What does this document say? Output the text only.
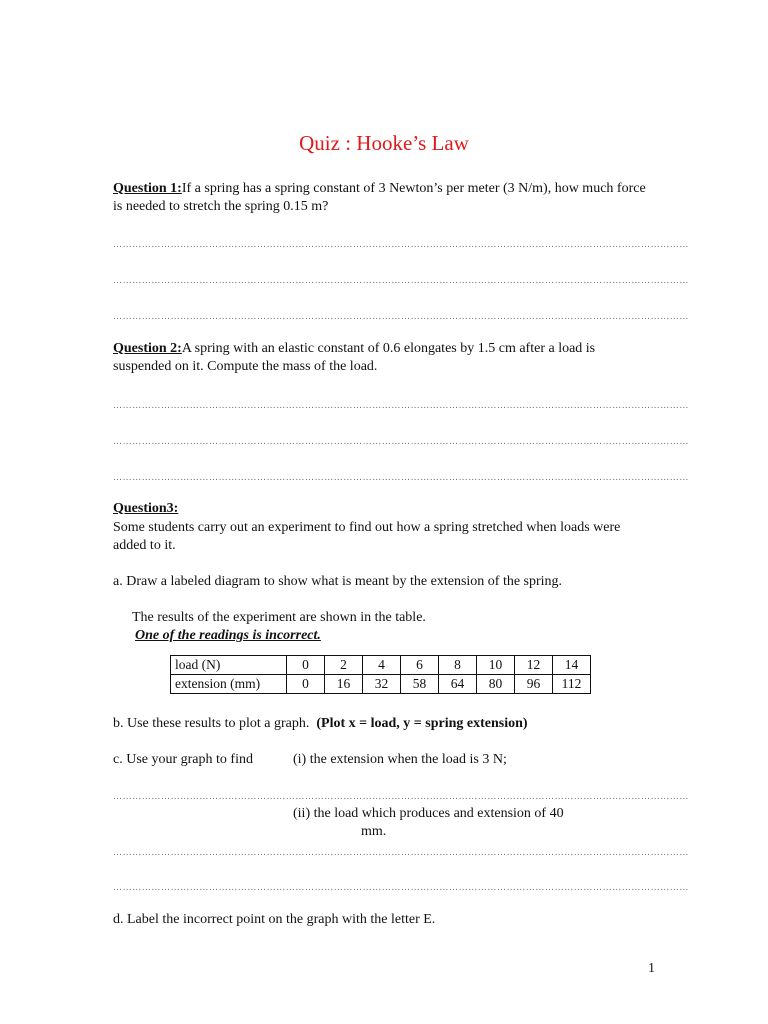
Quiz : Hooke’s Law
Question 1:If a spring has a spring constant of 3 Newton’s per meter (3 N/m), how much force is needed to stretch the spring 0.15 m?
………………………………………………………………………………………………………………………………………………………………
………………………………………………………………………………………………………………………………………………………………
………………………………………………………………………………………………………………………………………………………………
Question 2:A spring with an elastic constant of 0.6 elongates by 1.5 cm after a load is suspended on it. Compute the mass of the load.
………………………………………………………………………………………………………………………………………………………………
………………………………………………………………………………………………………………………………………………………………
………………………………………………………………………………………………………………………………………………………………
Question3:
Some students carry out an experiment to find out how a spring stretched when loads were added to it.
a. Draw a labeled diagram to show what is meant by the extension of the spring.
The results of the experiment are shown in the table.
One of the readings is incorrect.
load (N)	0	2	4	6	8	10	12	14
extension (mm)	0	16	32	58	64	80	96	112
b. Use these results to plot a graph. (Plot x = load, y = spring extension)
c. Use your graph to find	(i) the extension when the load is 3 N;
………………………………………………………………………………………………………………………………………………………………
(ii) the load which produces and extension of 40
mm.
………………………………………………………………………………………………………………………………………………………………
………………………………………………………………………………………………………………………………………………………………
d. Label the incorrect point on the graph with the letter E.
1
